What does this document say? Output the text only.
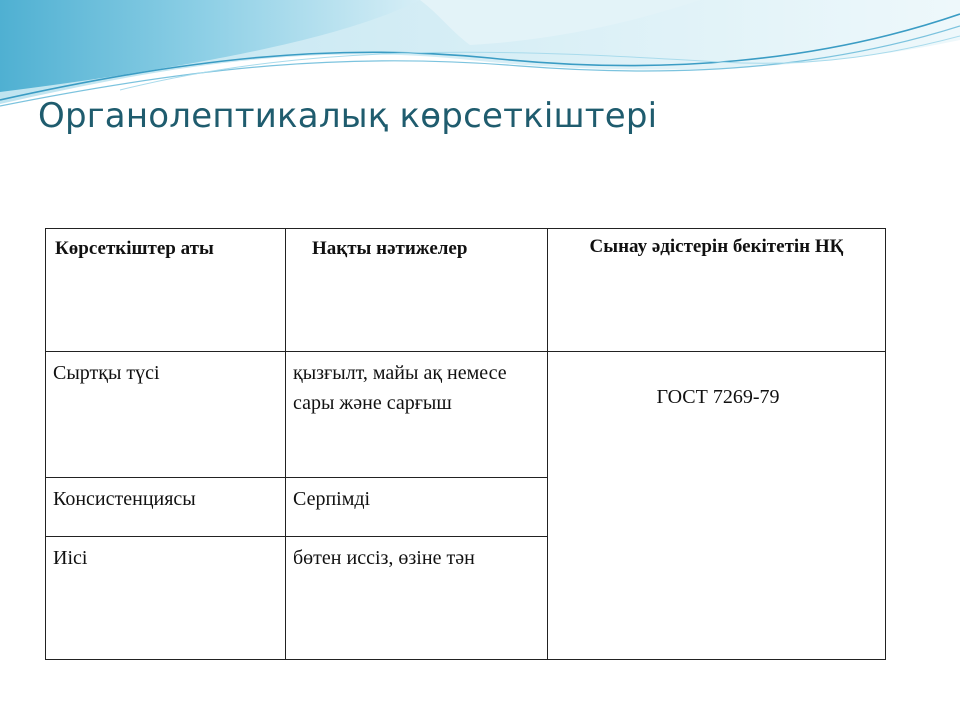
Органолептикалық көрсеткіштері
Көрсеткіштер аты	Нақты нәтижелер	Сынау әдістерін бекітетін НҚ

Сыртқы түсі	қызғылт, майы ақ немесе сары және сарғыш	ГОСТ 7269-79

Консистенциясы	Серпімді	

Иісі	бөтен иссіз, өзіне тән	
